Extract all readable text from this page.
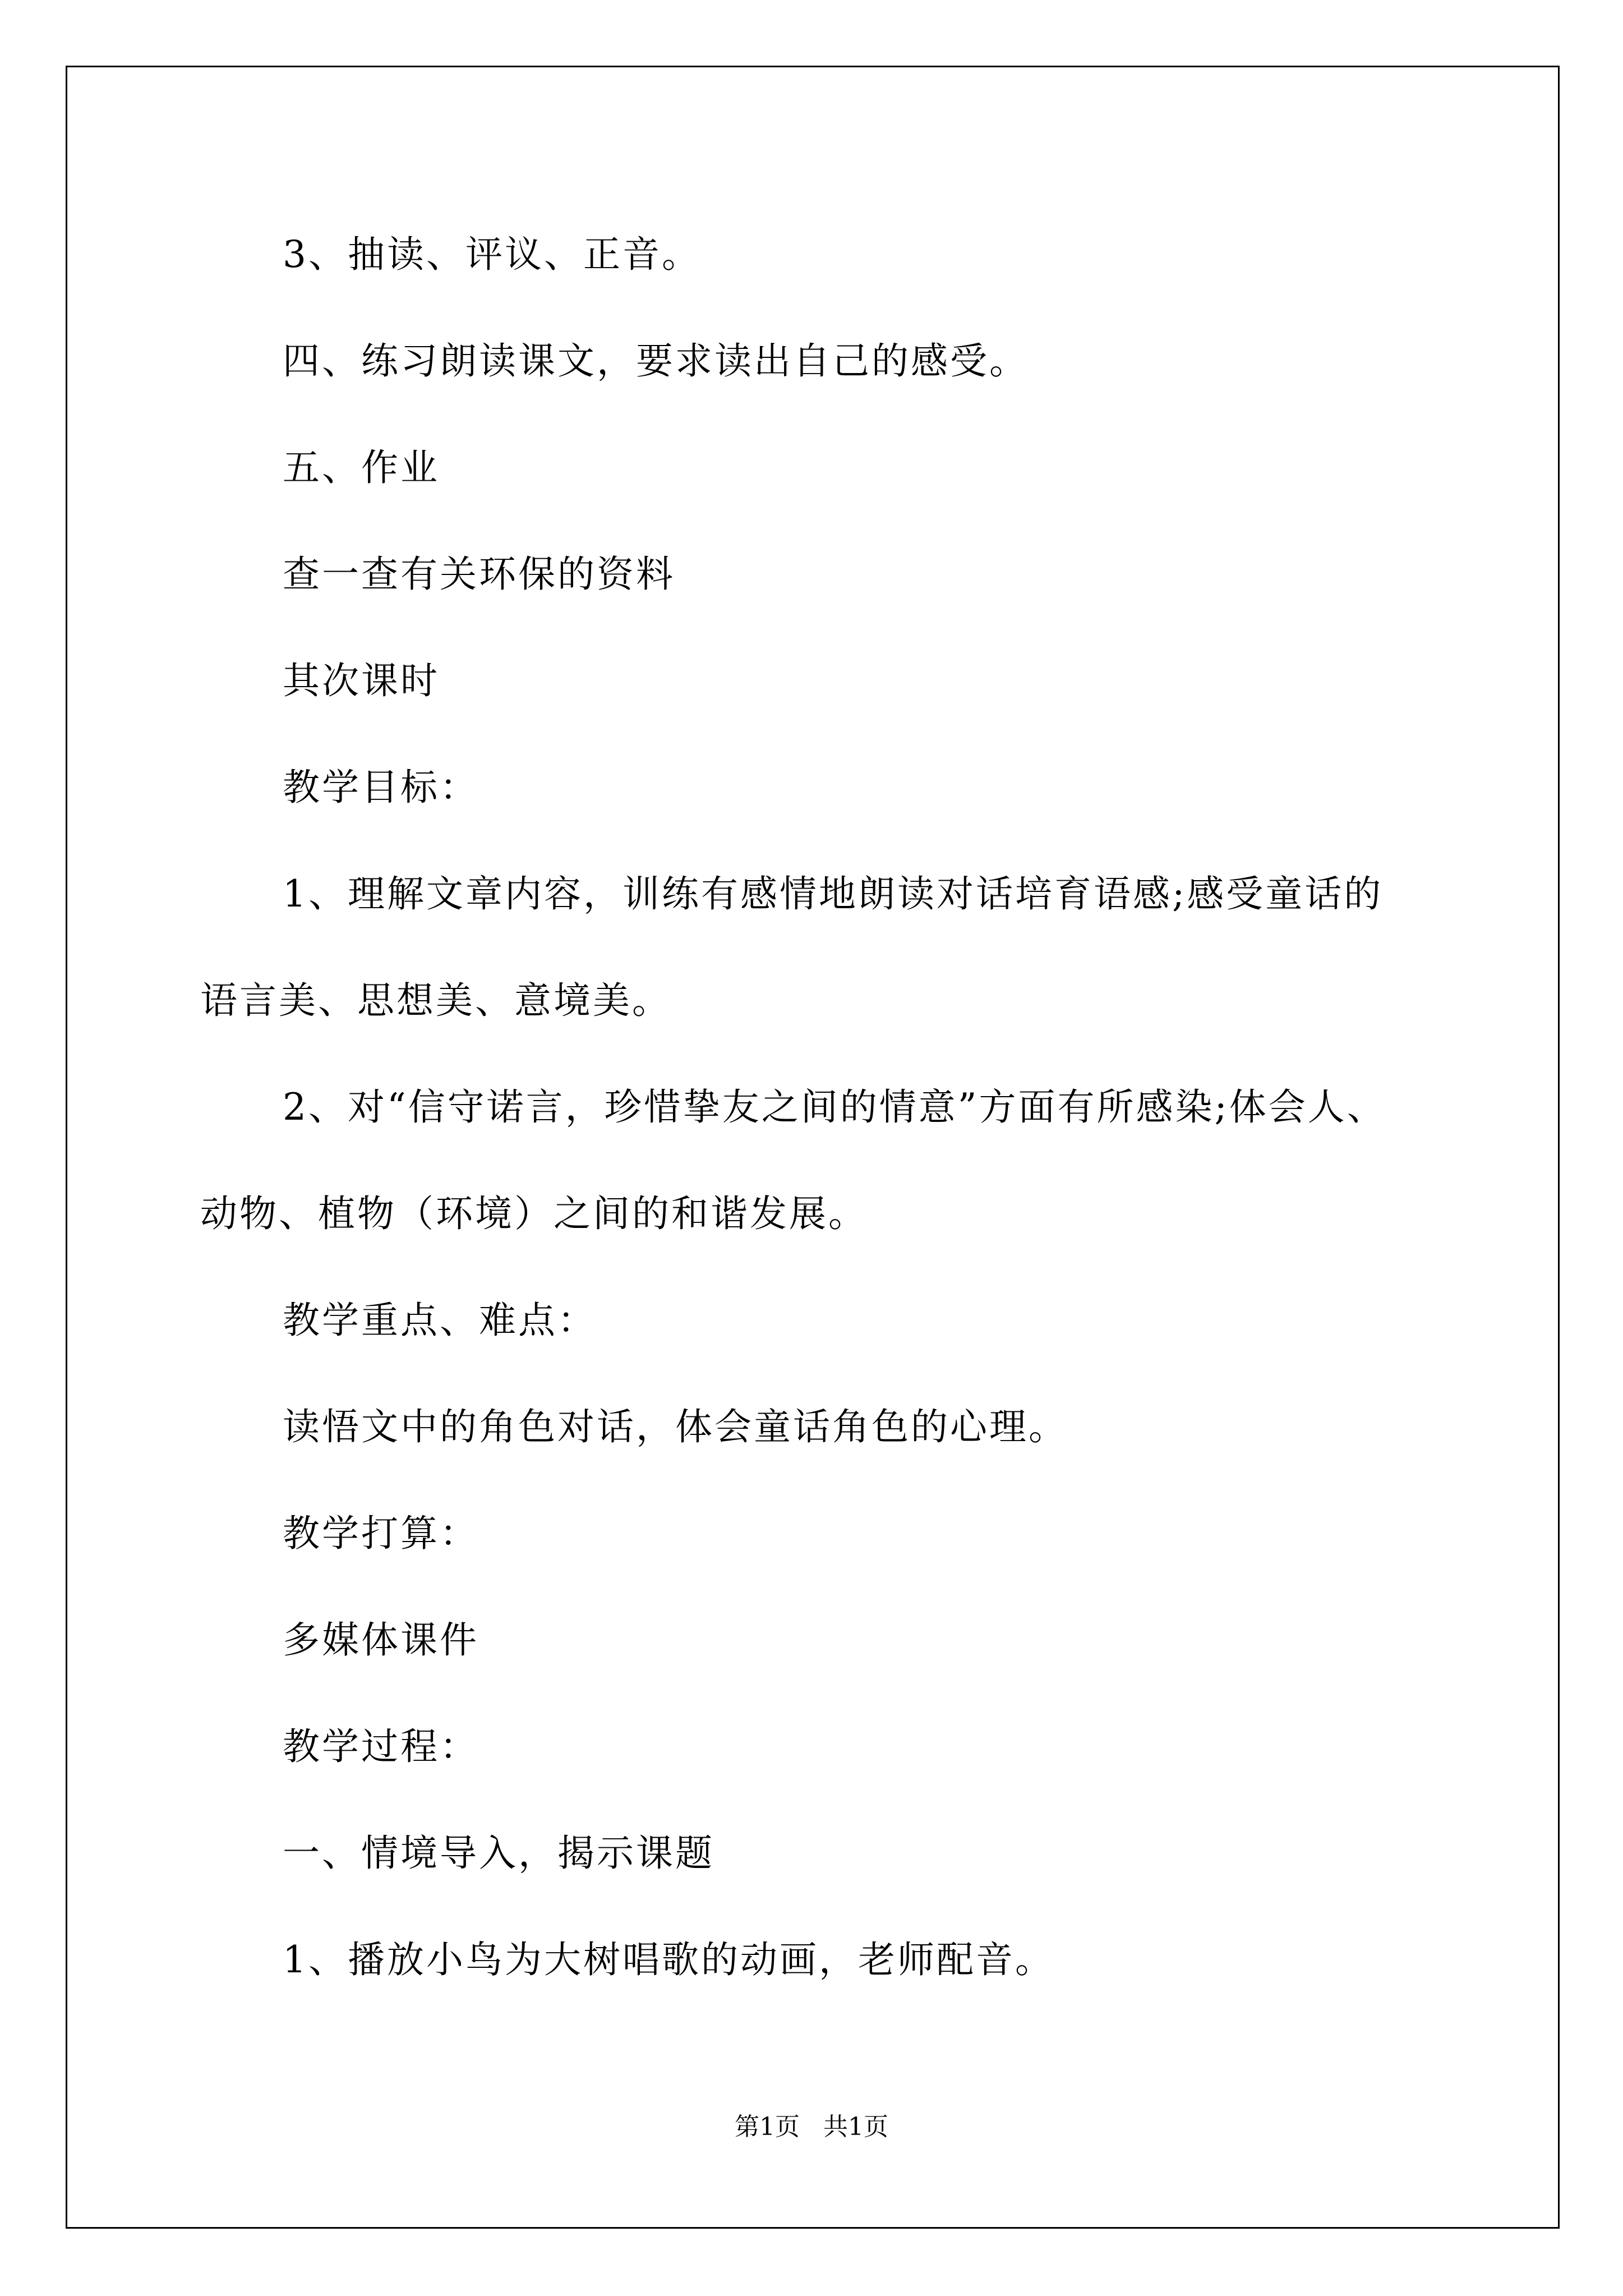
3、抽读、评议、正音。
四、练习朗读课文，要求读出自己的感受。
五、作业
查一查有关环保的资料
其次课时
教学目标：
1、理解文章内容，训练有感情地朗读对话培育语感;感受童话的
语言美、思想美、意境美。
2、对“信守诺言，珍惜挚友之间的情意”方面有所感染;体会人、
动物、植物（环境）之间的和谐发展。
教学重点、难点：
读悟文中的角色对话，体会童话角色的心理。
教学打算：
多媒体课件
教学过程：
一、情境导入，揭示课题
1、播放小鸟为大树唱歌的动画，老师配音。
第1页   共1页
